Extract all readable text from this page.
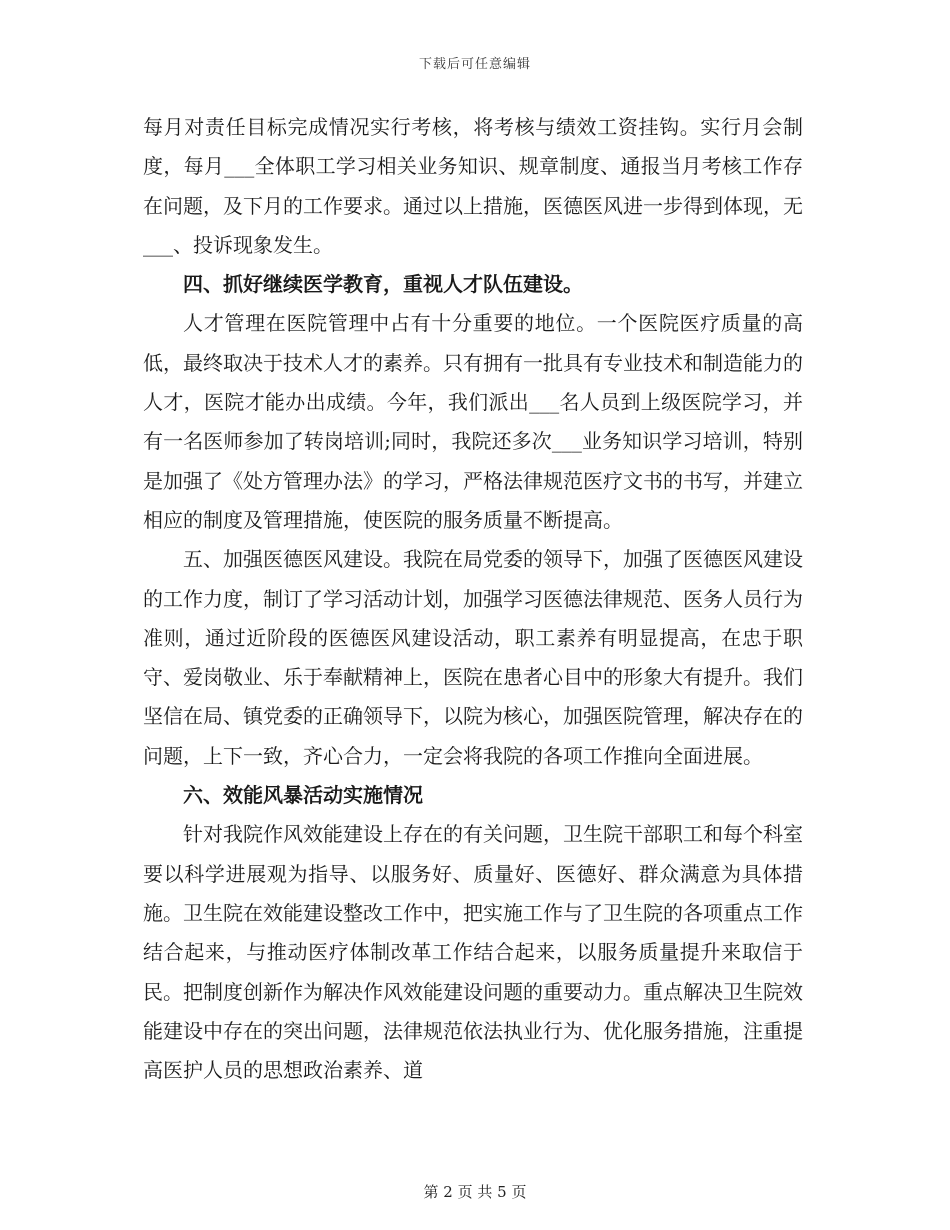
下载后可任意编辑

每月对责任目标完成情况实行考核，将考核与绩效工资挂钩。实行月会制度，每月___全体职工学习相关业务知识、规章制度、通报当月考核工作存在问题，及下月的工作要求。通过以上措施，医德医风进一步得到体现，无___、投诉现象发生。

四、抓好继续医学教育，重视人才队伍建设。

人才管理在医院管理中占有十分重要的地位。一个医院医疗质量的高低，最终取决于技术人才的素养。只有拥有一批具有专业技术和制造能力的人才，医院才能办出成绩。今年，我们派出___名人员到上级医院学习，并有一名医师参加了转岗培训;同时，我院还多次___业务知识学习培训，特别是加强了《处方管理办法》的学习，严格法律规范医疗文书的书写，并建立相应的制度及管理措施，使医院的服务质量不断提高。

五、加强医德医风建设。我院在局党委的领导下，加强了医德医风建设的工作力度，制订了学习活动计划，加强学习医德法律规范、医务人员行为准则，通过近阶段的医德医风建设活动，职工素养有明显提高，在忠于职守、爱岗敬业、乐于奉献精神上，医院在患者心目中的形象大有提升。我们坚信在局、镇党委的正确领导下，以院为核心，加强医院管理，解决存在的问题，上下一致，齐心合力，一定会将我院的各项工作推向全面进展。

六、效能风暴活动实施情况

针对我院作风效能建设上存在的有关问题，卫生院干部职工和每个科室要以科学进展观为指导、以服务好、质量好、医德好、群众满意为具体措施。卫生院在效能建设整改工作中，把实施工作与了卫生院的各项重点工作结合起来，与推动医疗体制改革工作结合起来，以服务质量提升来取信于民。把制度创新作为解决作风效能建设问题的重要动力。重点解决卫生院效能建设中存在的突出问题，法律规范依法执业行为、优化服务措施，注重提高医护人员的思想政治素养、道

第 2 页 共 5 页
